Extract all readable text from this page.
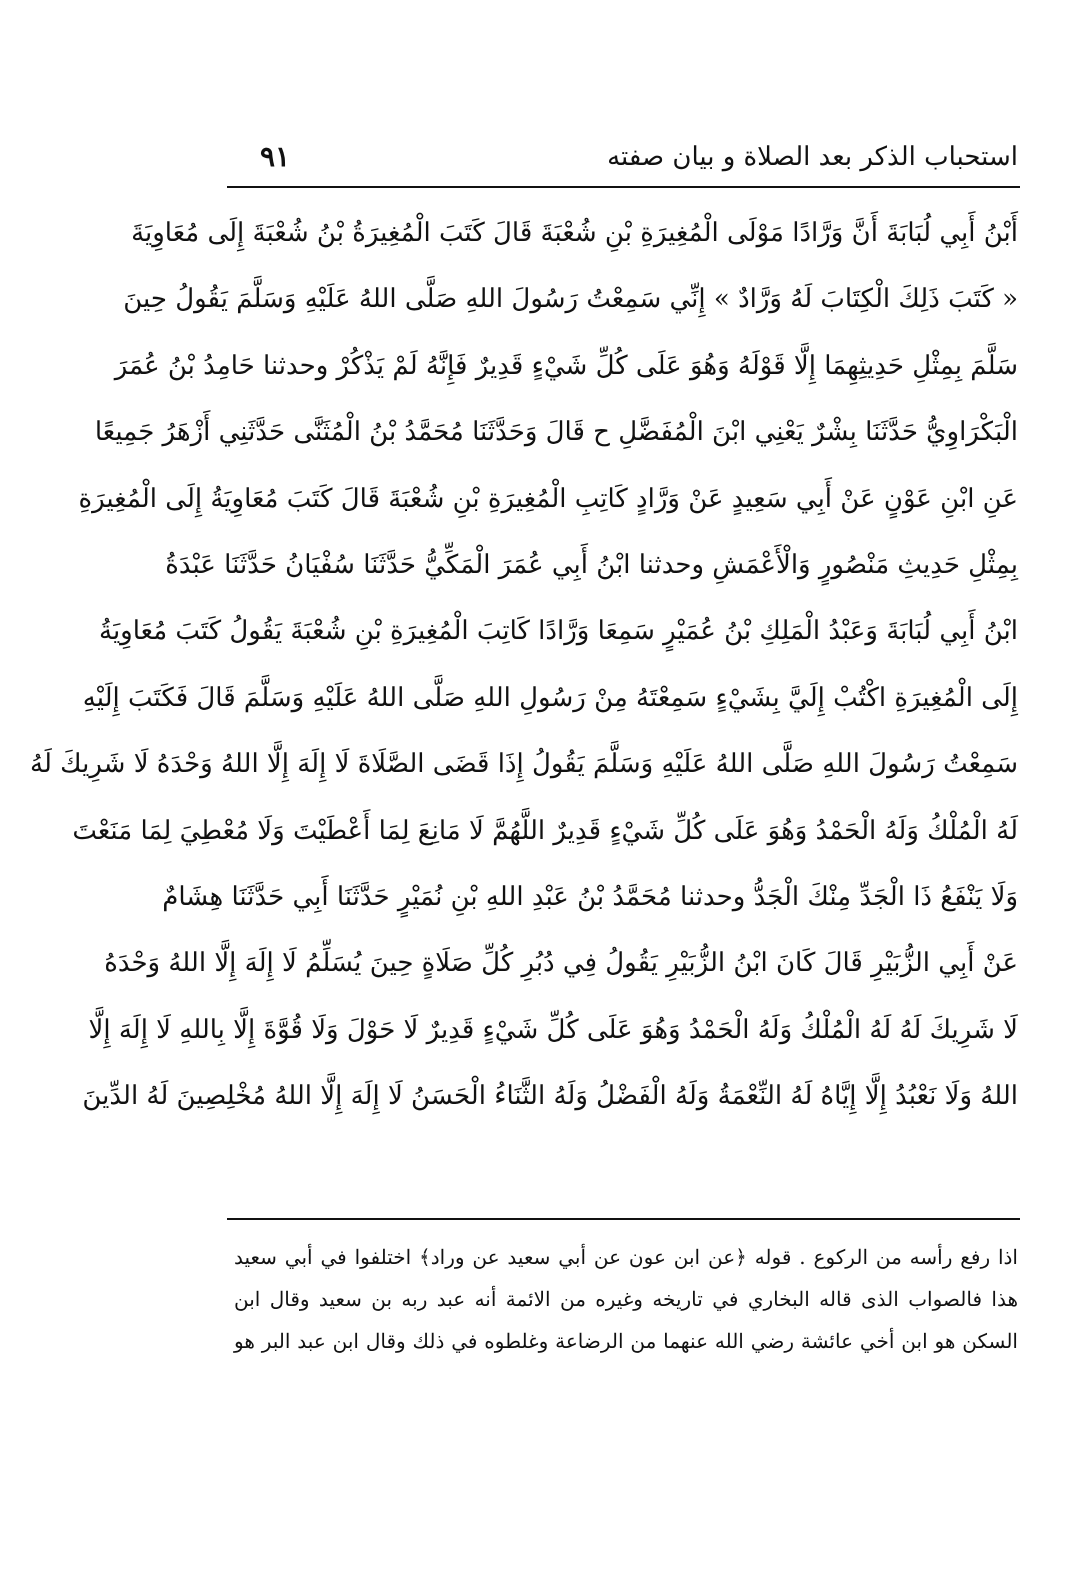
استحباب الذكر بعد الصلاة و بيان صفته
٩١
أَبْنُ أَبِي لُبَابَةَ أَنَّ وَرَّادًا مَوْلَى الْمُغِيرَةِ بْنِ شُعْبَةَ قَالَ كَتَبَ الْمُغِيرَةُ بْنُ شُعْبَةَ إِلَى مُعَاوِيَةَ
« كَتَبَ ذَلِكَ الْكِتَابَ لَهُ وَرَّادٌ » إِنِّي سَمِعْتُ رَسُولَ اللهِ صَلَّى اللهُ عَلَيْهِ وَسَلَّمَ يَقُولُ حِينَ
سَلَّمَ بِمِثْلِ حَدِيثِهِمَا إِلَّا قَوْلَهُ وَهُوَ عَلَى كُلِّ شَيْءٍ قَدِيرٌ فَإِنَّهُ لَمْ يَذْكُرْ وحدثنا حَامِدُ بْنُ عُمَرَ
الْبَكْرَاوِيُّ حَدَّثَنَا بِشْرٌ يَعْنِي ابْنَ الْمُفَضَّلِ ح قَالَ وَحَدَّثَنَا مُحَمَّدُ بْنُ الْمُثَنَّى حَدَّثَنِي أَزْهَرُ جَمِيعًا
عَنِ ابْنِ عَوْنٍ عَنْ أَبِي سَعِيدٍ عَنْ وَرَّادٍ كَاتِبِ الْمُغِيرَةِ بْنِ شُعْبَةَ قَالَ كَتَبَ مُعَاوِيَةُ إِلَى الْمُغِيرَةِ
بِمِثْلِ حَدِيثِ مَنْصُورٍ وَالْأَعْمَشِ وحدثنا ابْنُ أَبِي عُمَرَ الْمَكِّيُّ حَدَّثَنَا سُفْيَانُ حَدَّثَنَا عَبْدَةُ
ابْنُ أَبِي لُبَابَةَ وَعَبْدُ الْمَلِكِ بْنُ عُمَيْرٍ سَمِعَا وَرَّادًا كَاتِبَ الْمُغِيرَةِ بْنِ شُعْبَةَ يَقُولُ كَتَبَ مُعَاوِيَةُ
إِلَى الْمُغِيرَةِ اكْتُبْ إِلَيَّ بِشَيْءٍ سَمِعْتَهُ مِنْ رَسُولِ اللهِ صَلَّى اللهُ عَلَيْهِ وَسَلَّمَ قَالَ فَكَتَبَ إِلَيْهِ
سَمِعْتُ رَسُولَ اللهِ صَلَّى اللهُ عَلَيْهِ وَسَلَّمَ يَقُولُ إِذَا قَضَى الصَّلَاةَ لَا إِلَهَ إِلَّا اللهُ وَحْدَهُ لَا شَرِيكَ لَهُ
لَهُ الْمُلْكُ وَلَهُ الْحَمْدُ وَهُوَ عَلَى كُلِّ شَيْءٍ قَدِيرٌ اللَّهُمَّ لَا مَانِعَ لِمَا أَعْطَيْتَ وَلَا مُعْطِيَ لِمَا مَنَعْتَ
وَلَا يَنْفَعُ ذَا الْجَدِّ مِنْكَ الْجَدُّ وحدثنا مُحَمَّدُ بْنُ عَبْدِ اللهِ بْنِ نُمَيْرٍ حَدَّثَنَا أَبِي حَدَّثَنَا هِشَامٌ
عَنْ أَبِي الزُّبَيْرِ قَالَ كَانَ ابْنُ الزُّبَيْرِ يَقُولُ فِي دُبُرِ كُلِّ صَلَاةٍ حِينَ يُسَلِّمُ لَا إِلَهَ إِلَّا اللهُ وَحْدَهُ
لَا شَرِيكَ لَهُ لَهُ الْمُلْكُ وَلَهُ الْحَمْدُ وَهُوَ عَلَى كُلِّ شَيْءٍ قَدِيرٌ لَا حَوْلَ وَلَا قُوَّةَ إِلَّا بِاللهِ لَا إِلَهَ إِلَّا
اللهُ وَلَا نَعْبُدُ إِلَّا إِيَّاهُ لَهُ النِّعْمَةُ وَلَهُ الْفَضْلُ وَلَهُ الثَّنَاءُ الْحَسَنُ لَا إِلَهَ إِلَّا اللهُ مُخْلِصِينَ لَهُ الدِّينَ
اذا رفع رأسه من الركوع . قوله ﴿عن ابن عون عن أبي سعيد عن وراد﴾ اختلفوا في أبي سعيد
هذا فالصواب الذى قاله البخاري في تاريخه وغيره من الائمة أنه عبد ربه بن سعيد وقال ابن
السكن هو ابن أخي عائشة رضي الله عنهما من الرضاعة وغلطوه في ذلك وقال ابن عبد البر هو
